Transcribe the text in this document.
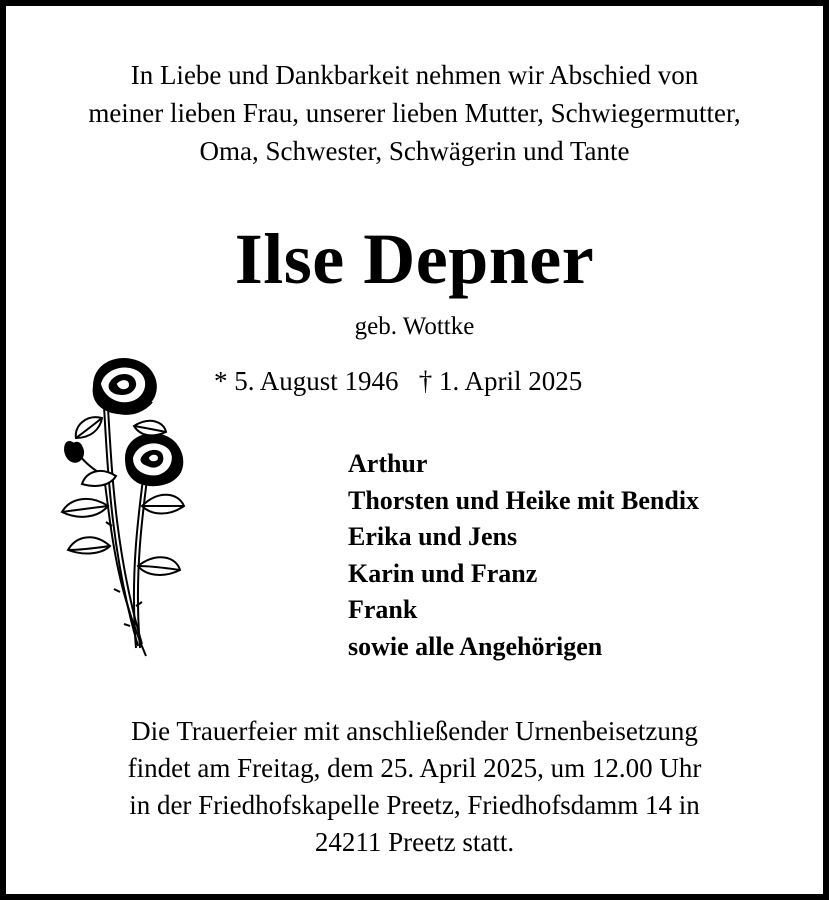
In Liebe und Dankbarkeit nehmen wir Abschied von
meiner lieben Frau, unserer lieben Mutter, Schwiegermutter,
Oma, Schwester, Schwägerin und Tante
Ilse Depner
geb. Wottke
* 5. August 1946 † 1. April 2025
Arthur
Thorsten und Heike mit Bendix
Erika und Jens
Karin und Franz
Frank
sowie alle Angehörigen
Die Trauerfeier mit anschließender Urnenbeisetzung
findet am Freitag, dem 25. April 2025, um 12.00 Uhr
in der Friedhofskapelle Preetz, Friedhofsdamm 14 in
24211 Preetz statt.
